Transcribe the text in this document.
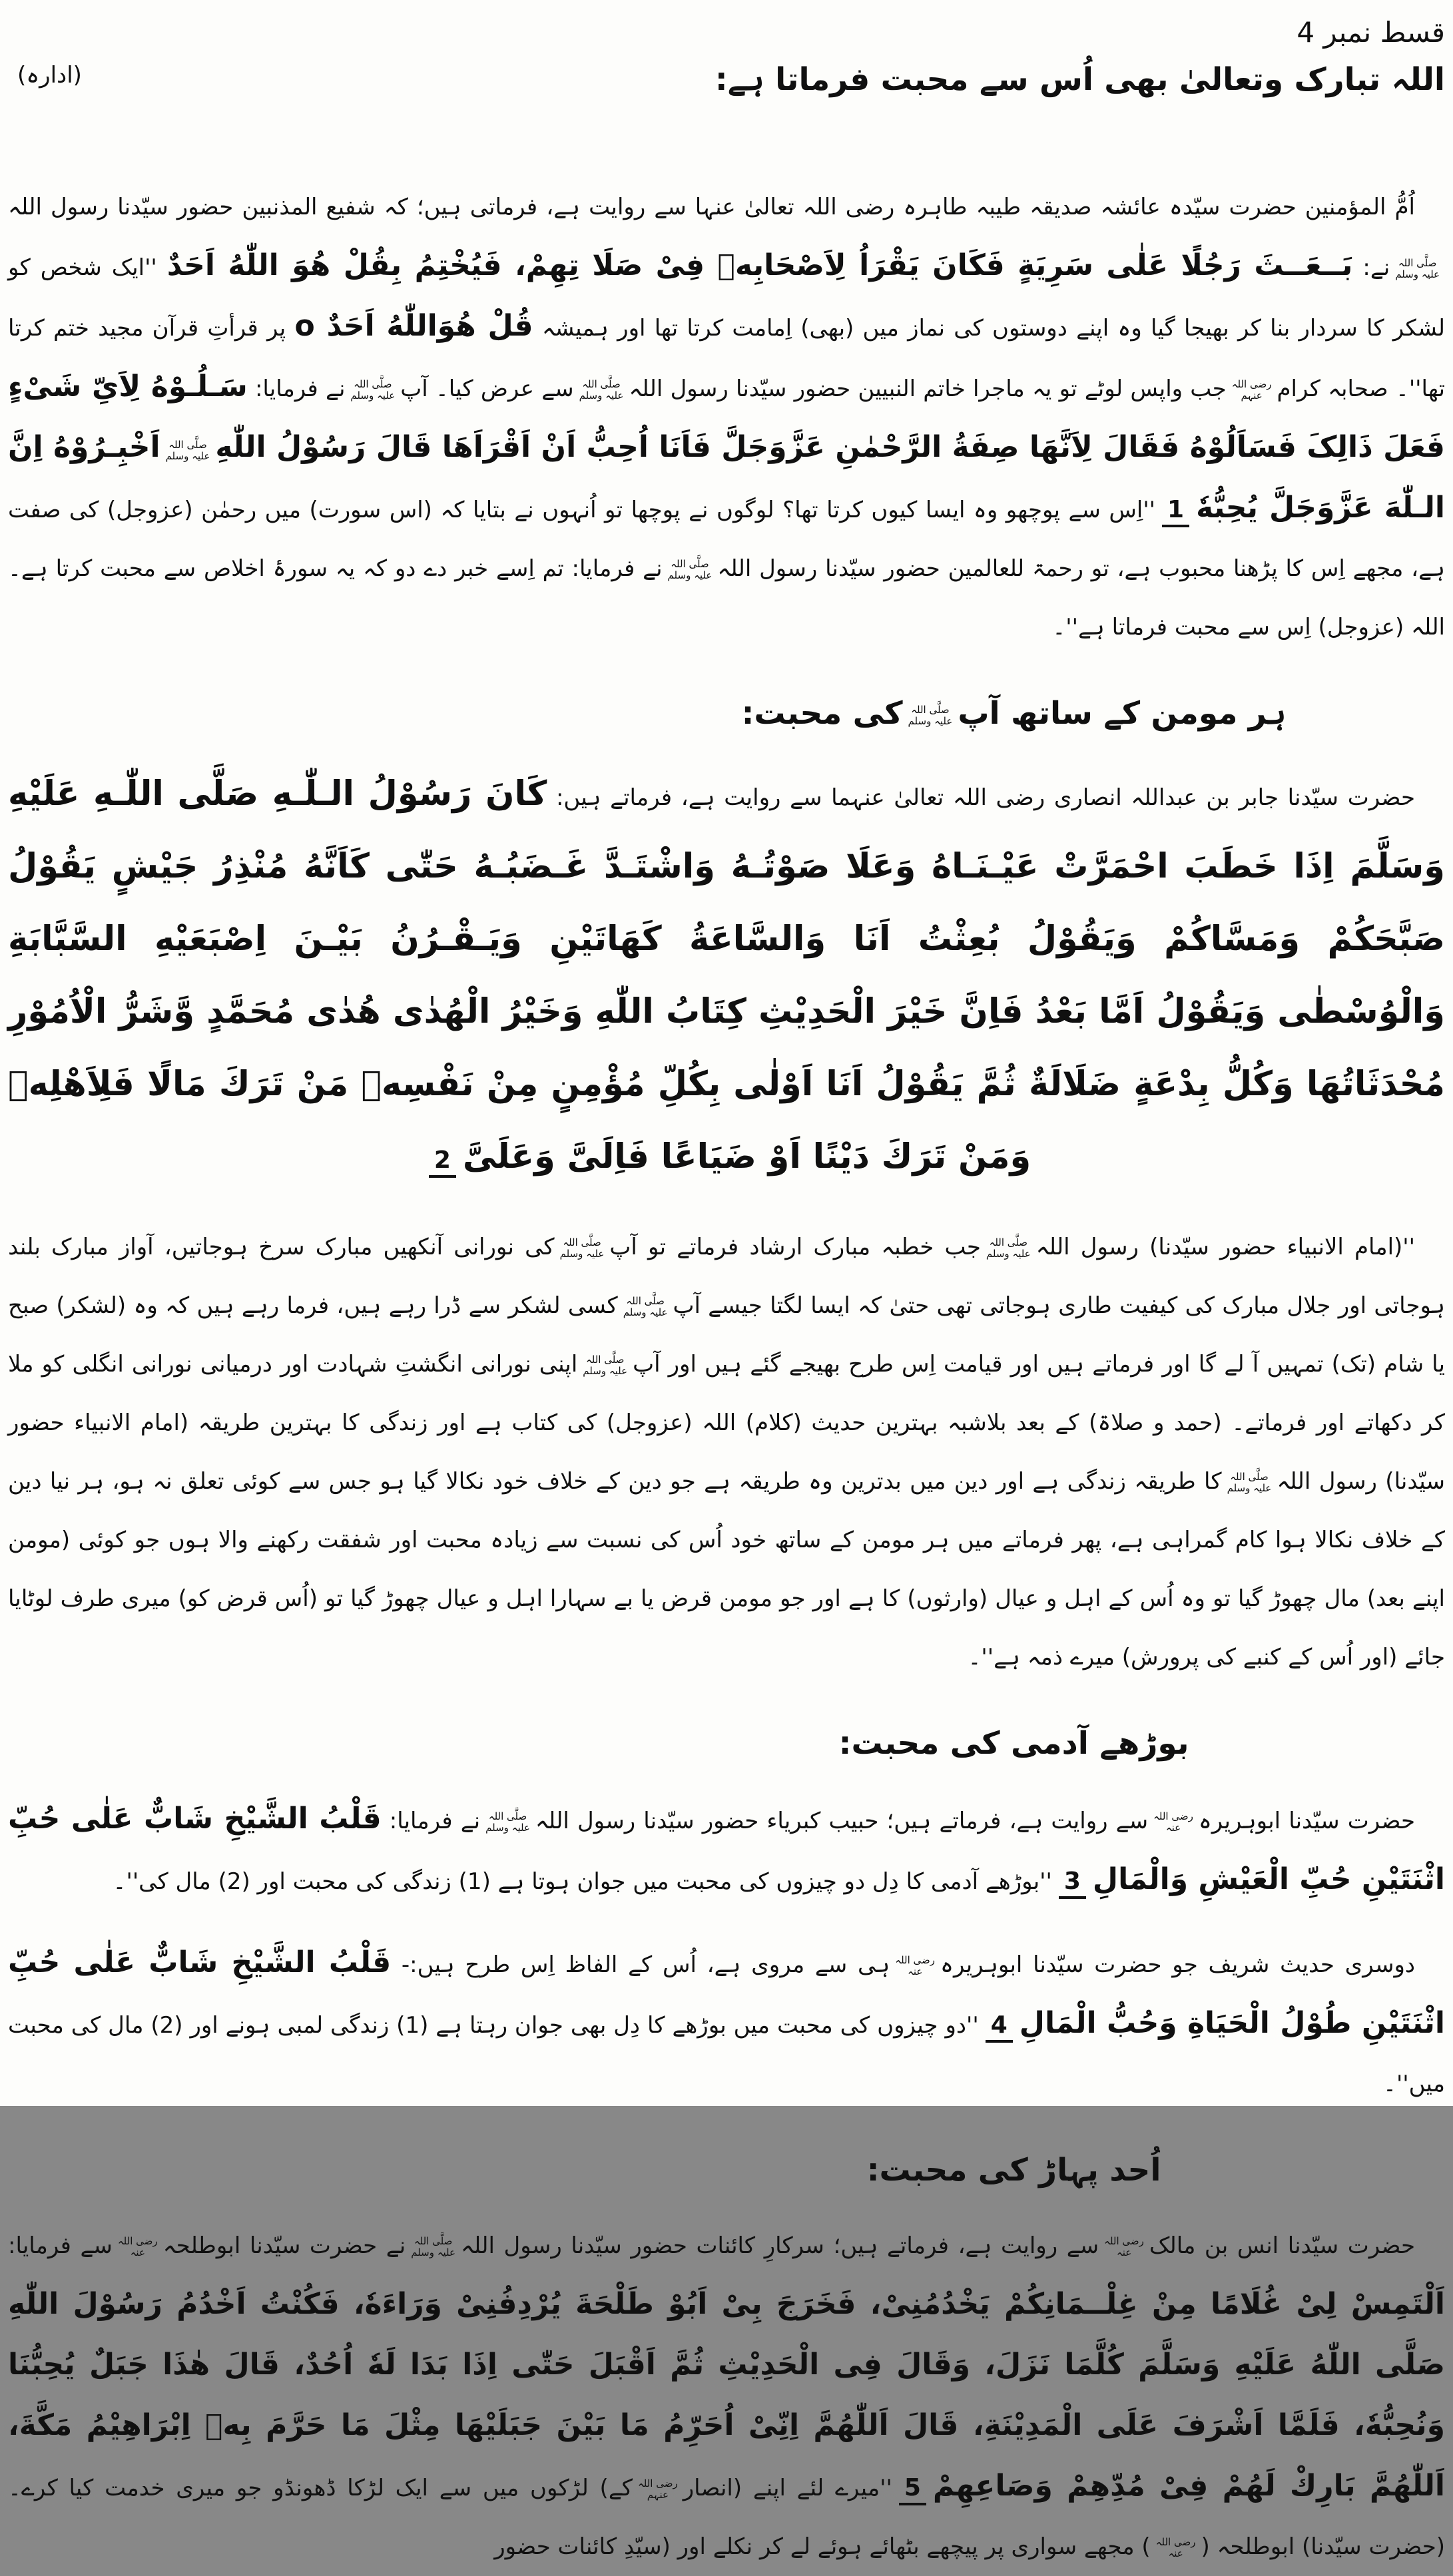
قسط نمبر 4
(ادارہ)	اللہ تبارک وتعالیٰ بھی اُس سے محبت فرماتا ہے:
اُمُّ المؤمنین حضرت سیّدہ عائشہ صدیقہ طیبہ طاہرہ رضی اللہ تعالیٰ عنہا سے روایت ہے، فرماتی ہیں؛ کہ شفیع المذنبین حضور سیّدنا رسول اللہ
صلَّی اللہ
علیہ وسلم
نے: بَــعَــثَ رَجُلًا عَلٰی سَرِيَةٍ فَكَانَ يَقْرَاُ لِاَصْحَابِهٖ فِیْ صَلَا تِهِمْ، فَيُخْتِمُ بِقُلْ هُوَ اللّٰهُ اَحَدٌ ''ایک شخص کو لشکر کا سردار بنا کر بھیجا گیا وہ اپنے دوستوں کی نماز میں (بھی) اِمامت کرتا تھا اور ہمیشہ قُلْ هُوَاللّٰهُ اَحَدٌ o پر قرأتِ قرآن مجید ختم کرتا تھا''۔ صحابہ کرام
رضی اللہ
عنہم
جب واپس لوٹے تو یہ ماجرا خاتم النبیین حضور سیّدنا رسول اللہ
صلَّی اللہ
علیہ وسلم
سے عرض کیا۔ آپ
صلَّی اللہ
علیہ وسلم
نے فرمایا: سَـلُـوْهُ لِاَیِّ شَیْءٍ فَعَلَ ذَالِکَ فَسَاَلُوْهُ فَقَالَ لِاَنَّهَا صِفَةُ الرَّحْمٰنِ عَزَّوَجَلَّ فَاَنَا اُحِبُّ اَنْ اَقْرَاَهَا قَالَ رَسُوْلُ اللّٰهِ
صلَّی اللہ
علیہ وسلم
اَخْبِـرُوْهُ اِنَّ الـلّٰهَ عَزَّوَجَلَّ يُحِبُّهٗ1''اِس سے پوچھو وہ ایسا کیوں کرتا تھا؟ لوگوں نے پوچھا تو اُنہوں نے بتایا کہ (اس سورت) میں رحمٰن (عزوجل) کی صفت ہے، مجھے اِس کا پڑھنا محبوب ہے، تو رحمۃ للعالمین حضور سیّدنا رسول اللہ
صلَّی اللہ
علیہ وسلم
نے فرمایا: تم اِسے خبر دے دو کہ یہ سورۂ اخلاص سے محبت کرتا ہے۔ اللہ (عزوجل) اِس سے محبت فرماتا ہے''۔
ہر مومن کے ساتھ آپ
صلَّی اللہ
علیہ وسلم
کی محبت:
حضرت سیّدنا جابر بن عبداللہ انصاری رضی اللہ تعالیٰ عنہما سے روایت ہے، فرماتے ہیں: كَانَ رَسُوْلُ الـلّٰـهِ صَلَّى اللّٰـهِ عَلَيْهِ وَسَلَّمَ اِذَا خَطَبَ احْمَرَّتْ عَيْـنَـاهُ وَعَلَا صَوْتُـهُ وَاشْتَـدَّ غَـضَبُـهُ حَتّٰى كَاَنَّهُ مُنْذِرُ جَيْشٍ يَقُوْلُ صَبَّحَكُمْ وَمَسَّاكُمْ وَيَقُوْلُ بُعِثْتُ اَنَا وَالسَّاعَةُ كَهَاتَيْنِ وَيَـقْـرُنُ بَيْـنَ اِصْبَعَيْهِ السَّبَّابَةِ وَالْوُسْطٰى وَيَقُوْلُ اَمَّا بَعْدُ فَاِنَّ خَيْرَ الْحَدِيْثِ كِتَابُ اللّٰهِ وَخَيْرُ الْهُدٰى هُدٰى مُحَمَّدٍ وَّشَرُّ الْاُمُوْرِ مُحْدَثَاتُهَا وَكُلُّ بِدْعَةٍ ضَلَالَةٌ ثُمَّ يَقُوْلُ اَنَا اَوْلٰى بِكُلِّ مُؤْمِنٍ مِنْ نَفْسِهٖ مَنْ تَرَكَ مَالًا فَلِاَهْلِهٖ وَمَنْ تَرَكَ دَيْنًا اَوْ ضَيَاعًا فَاِلَیَّ وَعَلَیَّ2
''(امام الانبیاء حضور سیّدنا) رسول اللہ
صلَّی اللہ
علیہ وسلم
جب خطبہ مبارک ارشاد فرماتے تو آپ
صلَّی اللہ
علیہ وسلم
کی نورانی آنکھیں مبارک سرخ ہوجاتیں، آواز مبارک بلند ہوجاتی اور جلال مبارک کی کیفیت طاری ہوجاتی تھی حتیٰ کہ ایسا لگتا جیسے آپ
صلَّی اللہ
علیہ وسلم
کسی لشکر سے ڈرا رہے ہیں، فرما رہے ہیں کہ وہ (لشکر) صبح یا شام (تک) تمہیں آ لے گا اور فرماتے ہیں اور قیامت اِس طرح بھیجے گئے ہیں اور آپ
صلَّی اللہ
علیہ وسلم
اپنی نورانی انگشتِ شہادت اور درمیانی نورانی انگلی کو ملا کر دکھاتے اور فرماتے۔ (حمد و صلاۃ) کے بعد بلاشبہ بہترین حدیث (کلام) اللہ (عزوجل) کی کتاب ہے اور زندگی کا بہترین طریقہ (امام الانبیاء حضور سیّدنا) رسول اللہ
صلَّی اللہ
علیہ وسلم
کا طریقہ زندگی ہے اور دین میں بدترین وہ طریقہ ہے جو دین کے خلاف خود نکالا گیا ہو جس سے کوئی تعلق نہ ہو، ہر نیا دین کے خلاف نکالا ہوا کام گمراہی ہے، پھر فرماتے میں ہر مومن کے ساتھ خود اُس کی نسبت سے زیادہ محبت اور شفقت رکھنے والا ہوں جو کوئی (مومن اپنے بعد) مال چھوڑ گیا تو وہ اُس کے اہل و عیال (وارثوں) کا ہے اور جو مومن قرض یا بے سہارا اہل و عیال چھوڑ گیا تو (اُس قرض کو) میری طرف لوٹایا جائے (اور اُس کے کنبے کی پرورش) میرے ذمہ ہے''۔
بوڑھے آدمی کی محبت:
حضرت سیّدنا ابوہریرہ
رضی اللہ
عنہ
سے روایت ہے، فرماتے ہیں؛ حبیب کبریاء حضور سیّدنا رسول اللہ
صلَّی اللہ
علیہ وسلم
نے فرمایا: قَلْبُ الشَّيْخِ شَابٌّ عَلٰى حُبِّ اثْنَتَيْنِ حُبِّ الْعَيْشِ وَالْمَالِ3''بوڑھے آدمی کا دِل دو چیزوں کی محبت میں جوان ہوتا ہے (1) زندگی کی محبت اور (2) مال کی''۔
دوسری حدیث شریف جو حضرت سیّدنا ابوہریرہ
رضی اللہ
عنہ
ہی سے مروی ہے، اُس کے الفاظ اِس طرح ہیں:- قَلْبُ الشَّيْخِ شَابٌّ عَلٰى حُبِّ اثْنَتَيْنِ طُوْلُ الْحَيَاةِ وَحُبُّ الْمَالِ4''دو چیزوں کی محبت میں بوڑھے کا دِل بھی جوان رہتا ہے (1) زندگی لمبی ہونے اور (2) مال کی محبت میں''۔
اُحد پہاڑ کی محبت:
حضرت سیّدنا انس بن مالک
رضی اللہ
عنہ
سے روایت ہے، فرماتے ہیں؛ سرکارِ کائنات حضور سیّدنا رسول اللہ
صلَّی اللہ
علیہ وسلم
نے حضرت سیّدنا ابوطلحہ
رضی اللہ
عنہ
سے فرمایا: اَلْتَمِسْ لِیْ غُلَامًا مِنْ غِلْــمَانِكُمْ يَخْدُمُنِیْ، فَخَرَجَ بِیْ اَبُوْ طَلْحَةَ يُرْدِفُنِیْ وَرَاءَهٗ، فَكُنْتُ اَخْدُمُ رَسُوْلَ اللّٰهِ صَلَّى اللّٰهُ عَلَيْهِ وَسَلَّمَ كُلَّمَا نَزَلَ، وَقَالَ فِى الْحَدِيْثِ ثُمَّ اَقْبَلَ حَتّٰى اِذَا بَدَا لَهٗ اُحُدٌ، قَالَ هٰذَا جَبَلٌ يُحِبُّنَا وَنُحِبُّهٗ، فَلَمَّا اَشْرَفَ عَلَى الْمَدِيْنَةِ، قَالَ اَللّٰهُمَّ اِنِّیْ اُحَرِّمُ مَا بَيْنَ جَبَلَيْهَا مِثْلَ مَا حَرَّمَ بِهٖ اِبْرَاهِيْمُ مَكَّةَ، اَللّٰهُمَّ بَارِكْ لَهُمْ فِیْ مُدِّهِمْ وَصَاعِهِمْ5''میرے لئے اپنے (انصار
رضی اللہ
عنہم
کے) لڑکوں میں سے ایک لڑکا ڈھونڈو جو میری خدمت کیا کرے۔ (حضرت سیّدنا) ابوطلحہ (
رضی اللہ
عنہ
) مجھے سواری پر پیچھے بٹھائے ہوئے لے کر نکلے اور (سیّدِ کائنات حضور
